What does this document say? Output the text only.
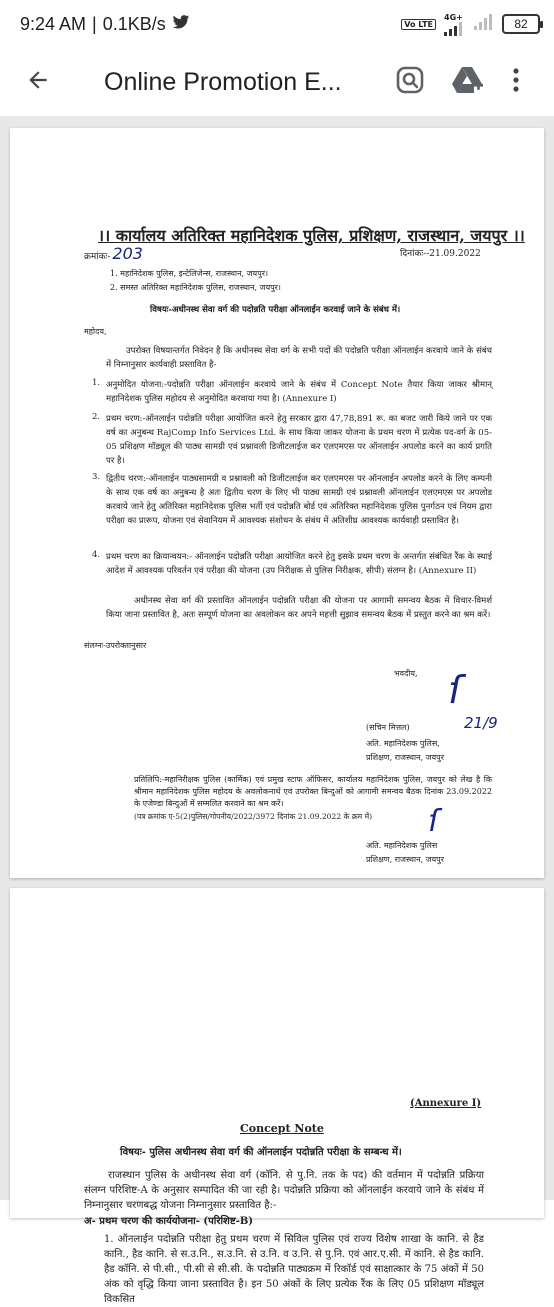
9:24 AM | 0.1KB/s	Vo LTE
4G+	82
Online Promotion E...
।। कार्यालय अतिरिक्त महानिदेशक पुलिस, प्रशिक्षण, राजस्थान, जयपुर ।।
क्रमांकः- 203	दिनांकः--21.09.2022
1. महानिदेशक पुलिस, इन्टेलिजेन्स, राजस्थान, जयपुर।
2. समस्त अतिरिक्त महानिदेशक पुलिस, राजस्थान, जयपुर।
विषयः-अधीनस्थ सेवा वर्ग की पदोन्नति परीक्षा ऑनलाईन करवाई जाने के संबंध में।
महोदय,
उपरोक्त विषयान्तर्गत निवेदन है कि अधीनस्थ सेवा वर्ग के सभी पदों की पदोन्नति परीक्षा ऑनलाईन करवाये जाने के संबंध में निम्नानुसार कार्यवाही प्रस्तावित है-
1. अनुमोदित योजना:-पदोन्नति परीक्षा ऑनलाईन करवाये जाने के संबंध में Concept Note तैयार किया जाकर श्रीमान् महानिदेशक पुलिस महोदय से अनुमोदित करवाया गया है। (Annexure I)
2. प्रथम चरण:-ऑनलाईन पदोन्नति परीक्षा आयोजित करने हेतु सरकार द्वारा 47,78,891 रू. का बजट जारी किये जाने पर एक वर्ष का अनुबन्ध RajComp Info Services Ltd. के साथ किया जाकर योजना के प्रथम चरण में प्रत्येक पद-वर्ग के 05-05 प्रशिक्षण मॉड्यूल की पाठ्य सामग्री एवं प्रश्नावली डिजीटलाईज कर एलएमएस पर ऑनलाईन अपलोड करने का कार्य प्रगति पर है।
3. द्वितीय चरण:-ऑनलाईन पाठ्यसामग्री व प्रश्नावली को डिजीटलाईज कर एलएमएस पर ऑनलाईन अपलोड करने के लिए कम्पनी के साथ एक वर्ष का अनुबन्ध है अतः द्वितीय चरण के लिए भी पाठ्य सामग्री एवं प्रश्नावली ऑनलाईन एलएमएस पर अपलोड करवाये जाने हेतु अतिरिक्त महानिदेशक पुलिस भर्ती एवं पदोन्नति बोर्ड एवं अतिरिक्त महानिदेशक पुलिस पुनर्गठन एवं नियम द्वारा परीक्षा का प्रारूप, योजना एवं सेवानियम में आवश्यक संशोधन के संबंध में अतिशीघ्र आवश्यक कार्यवाही प्रस्तावित है।
4. प्रथम चरण का क्रियान्वयन:- ऑनलाईन पदोन्नति परीक्षा आयोजित करने हेतु इसके प्रथम चरण के अन्तर्गत संबंधित रैंक के स्थाई आदेश में आवश्यक परिवर्तन एवं परीक्षा की योजना (उप निरीक्षक से पुलिस निरीक्षक, सीपी) संलग्न है। (Annexure II)
अधीनस्थ सेवा वर्ग की प्रस्तावित ऑनलाईन पदोन्नति परीक्षा की योजना पर आगामी समन्वय बैठक में विचार-विमर्श किया जाना प्रस्तावित है, अतः सम्पूर्ण योजना का अवलोकन कर अपने महत्ती सुझाव समन्वय बैठक में प्रस्तुत करने का श्रम करें।
संलग्नः-उपरोक्तानुसार
भवदीय, ſ
(सचिन मित्तल)	21/9
अति. महानिदेशक पुलिस,
प्रशिक्षण, राजस्थान, जयपुर
प्रतिलिपि:-महानिरीक्षक पुलिस (कार्मिक) एवं प्रमुख स्टाफ ऑफिसर, कार्यालय महानिदेशक पुलिस, जयपुर को लेख है कि श्रीमान महानिदेशक पुलिस महोदय के अवलोकनार्थ एवं उपरोक्त बिन्दुओं को आगामी समन्वय बैठक दिनांक 23.09.2022 के एजेण्डा बिन्दुओं में सम्मलित करवाने का श्रम करें।
(पत्र क्रमांक ए-5(2)पुलिस/गोपनीय/2022/3972 दिनांक 21.09.2022 के क्रम में) ſ
अति. महानिदेशक पुलिस
प्रशिक्षण, राजस्थान, जयपुर
(Annexure I)
Concept Note
विषयः- पुलिस अधीनस्थ सेवा वर्ग की ऑनलाईन पदोन्नति परीक्षा के सम्बन्ध में।
राजस्थान पुलिस के अधीनस्थ सेवा वर्ग (कॉनि. से पु.नि. तक के पद) की वर्तमान में पदोन्नति प्रक्रिया संलग्न परिशिष्ट-A के अनुसार सम्पादित की जा रही है। पदोन्नति प्रक्रिया को ऑनलाईन करवाये जाने के संबंध में निम्नानुसार चरणबद्ध योजना निम्नानुसार प्रस्तावित है:-
अ- प्रथम चरण की कार्ययोजना- (परिशिष्ट-B)
1. ऑनलाईन पदोन्नति परीक्षा हेतु प्रथम चरण में सिविल पुलिस एवं राज्य विशेष शाखा के कानि. से हैड कानि., हैड कानि. से स.उ.नि., स.उ.नि. से उ.नि. व उ.नि. से पु.नि. एवं आर.ए.सी. में कानि. से हैड कानि. हैड कॉनि. से पी.सी., पी.सी से सी.सी. के पदोन्नति पाठ्यक्रम में रिकॉर्ड एवं साक्षात्कार के 75 अंकों में 50 अंक को वृद्धि किया जाना प्रस्तावित है। इन 50 अंकों के लिए प्रत्येक रैंक के लिए 05 प्रशिक्षण मॉड्यूल विकसित
